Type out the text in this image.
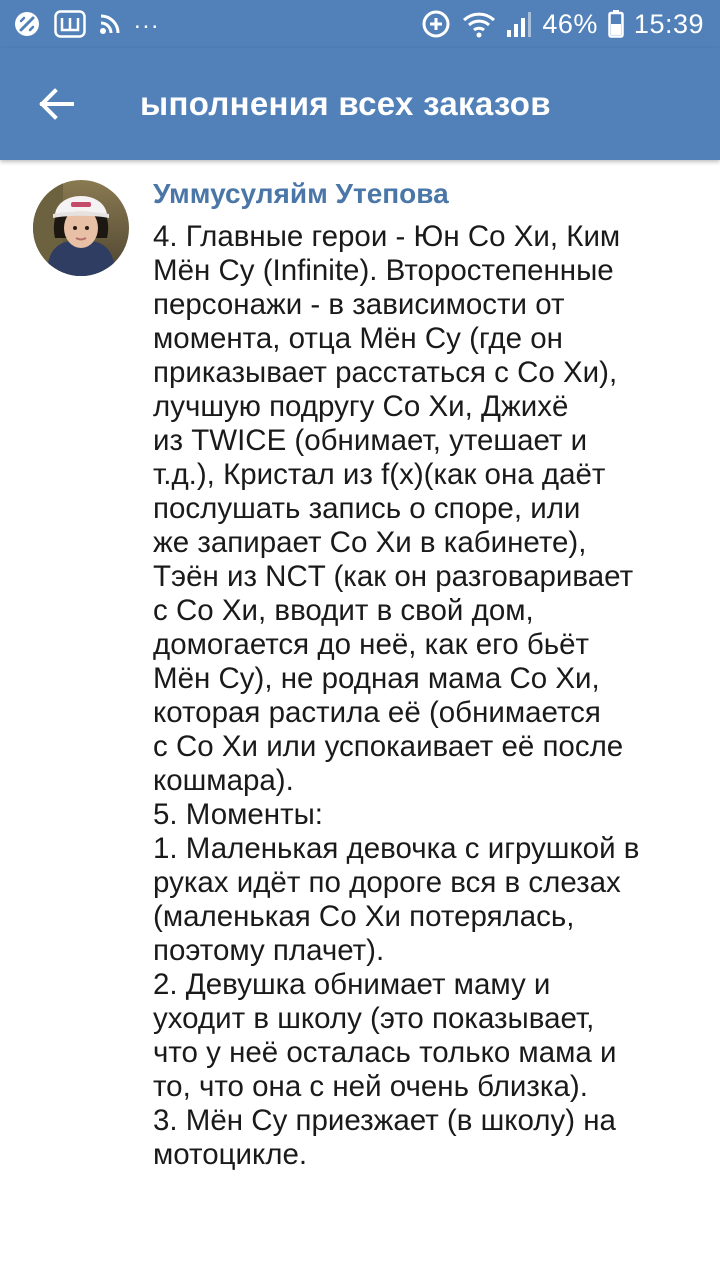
...	46% 15:39
ыполнения всех заказов
Уммусуляйм Утепова
4. Главные герои - Юн Со Хи, Ким
Мён Су (Infinite). Второстепенные
персонажи - в зависимости от
момента, отца Мён Су (где он
приказывает расстаться с Со Хи),
лучшую подругу Со Хи, Джихё
из TWICE (обнимает, утешает и
т.д.), Кристал из f(x)(как она даёт
послушать запись о споре, или
же запирает Со Хи в кабинете),
Тэён из NCT (как он разговаривает
с Со Хи, вводит в свой дом,
домогается до неё, как его бьёт
Мён Су), не родная мама Со Хи,
которая растила её (обнимается
с Со Хи или успокаивает её после
кошмара).
5. Моменты:
1. Маленькая девочка с игрушкой в
руках идёт по дороге вся в слезах
(маленькая Со Хи потерялась,
поэтому плачет).
2. Девушка обнимает маму и
уходит в школу (это показывает,
что у неё осталась только мама и
то, что она с ней очень близка).
3. Мён Су приезжает (в школу) на
мотоцикле.
